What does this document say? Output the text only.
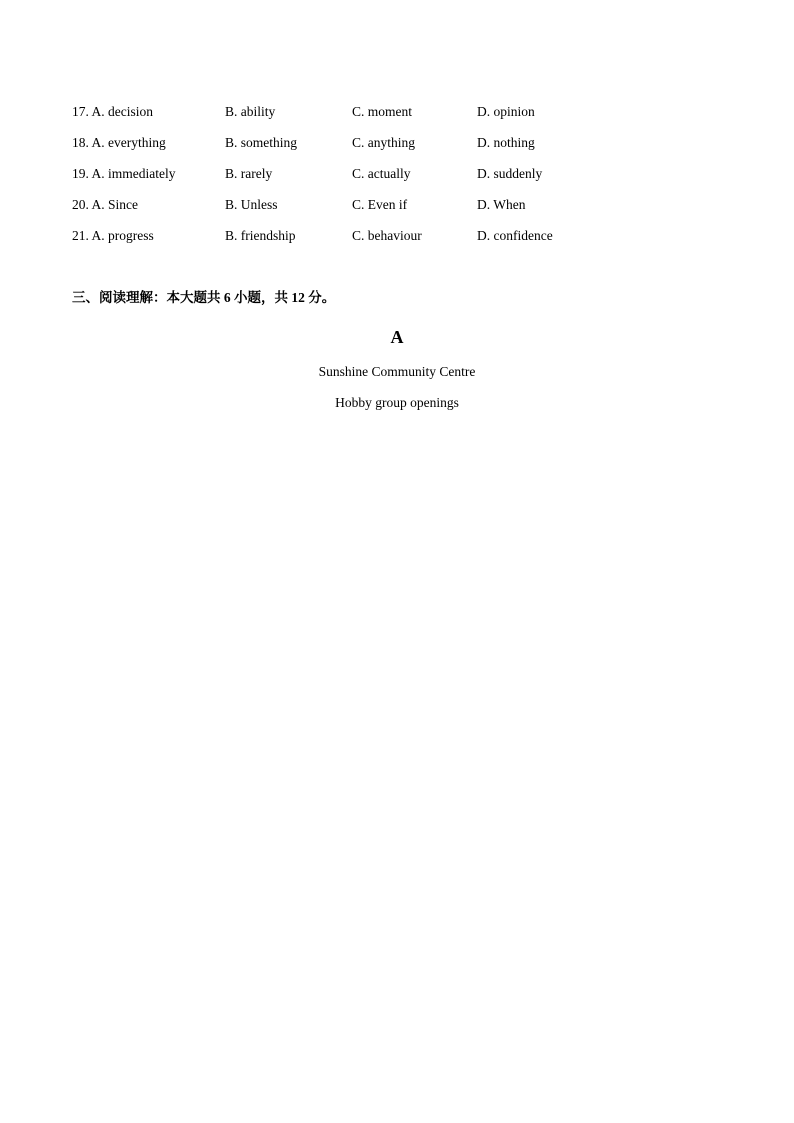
17. A. decision	B. ability	C. moment	D. opinion
18. A. everything	B. something	C. anything	D. nothing
19. A. immediately	B. rarely	C. actually	D. suddenly
20. A. Since	B. Unless	C. Even if	D. When
21. A. progress	B. friendship	C. behaviour	D. confidence
三、阅读理解：本大题共 6 小题，共 12 分。
A
Sunshine Community Centre
Hobby group openings
